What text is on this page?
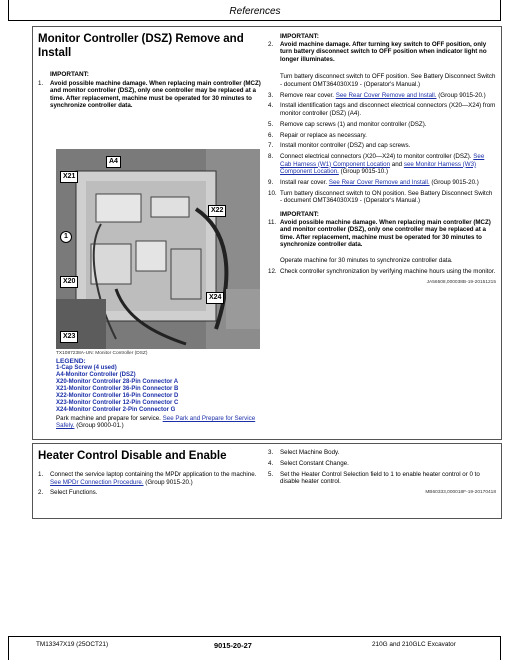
References
Monitor Controller (DSZ) Remove and Install
IMPORTANT:
1. Avoid possible machine damage. When replacing main controller (MCZ) and monitor controller (DSZ), only one controller may be replaced at a time. After replacement, machine must be operated for 30 minutes to synchronize controller data.
A4
X21
X22
1
X20
X24
X23
TX1087238A-UN: Monitor Controller (DSZ)
LEGEND:
1-Cap Screw (4 used)
A4-Monitor Controller (DSZ)
X20-Monitor Controller 28-Pin Connector A
X21-Monitor Controller 36-Pin Connector B
X22-Monitor Controller 16-Pin Connector D
X23-Monitor Controller 12-Pin Connector C
X24-Monitor Controller 2-Pin Connector G
Park machine and prepare for service. See Park and Prepare for Service Safely. (Group 9000-01.)
IMPORTANT:
2. Avoid machine damage. After turning key switch to OFF position, only turn battery disconnect switch to OFF position when indicator light no longer illuminates.
Turn battery disconnect switch to OFF position. See Battery Disconnect Switch - document OMT364030X19 - (Operator's Manual.)
3. Remove rear cover. See Rear Cover Remove and Install. (Group 9015-20.)
4. Install identification tags and disconnect electrical connectors (X20—X24) from monitor controller (DSZ) (A4).
5. Remove cap screws (1) and monitor controller (DSZ).
6. Repair or replace as necessary.
7. Install monitor controller (DSZ) and cap screws.
8. Connect electrical connectors (X20—X24) to monitor controller (DSZ). See Cab Harness (W1) Component Location and see Monitor Harness (W3) Component Location. (Group 9015-10.)
9. Install rear cover. See Rear Cover Remove and Install. (Group 9015-20.)
10. Turn battery disconnect switch to ON position. See Battery Disconnect Switch - document OMT364030X19 - (Operator's Manual.)
IMPORTANT:
11. Avoid possible machine damage. When replacing main controller (MCZ) and monitor controller (DSZ), only one controller may be replaced at a time. After replacement, machine must be operated for 30 minutes to synchronize controller data.
Operate machine for 30 minutes to synchronize controller data.
12. Check controller synchronization by verifying machine hours using the monitor.
JA56508,000038B-19-20151215
Heater Control Disable and Enable
1. Connect the service laptop containing the MPDr application to the machine. See MPDr Connection Procedure. (Group 9015-20.)
2. Select Functions.
3. Select Machine Body.
4. Select Constant Change.
5. Set the Heater Control Selection field to 1 to enable heater control or 0 to disable heater control.
MB60333,000018F-19-20170418
TM13347X19 (25OCT21)	9015-20-27	210G and 210GLC Excavator
